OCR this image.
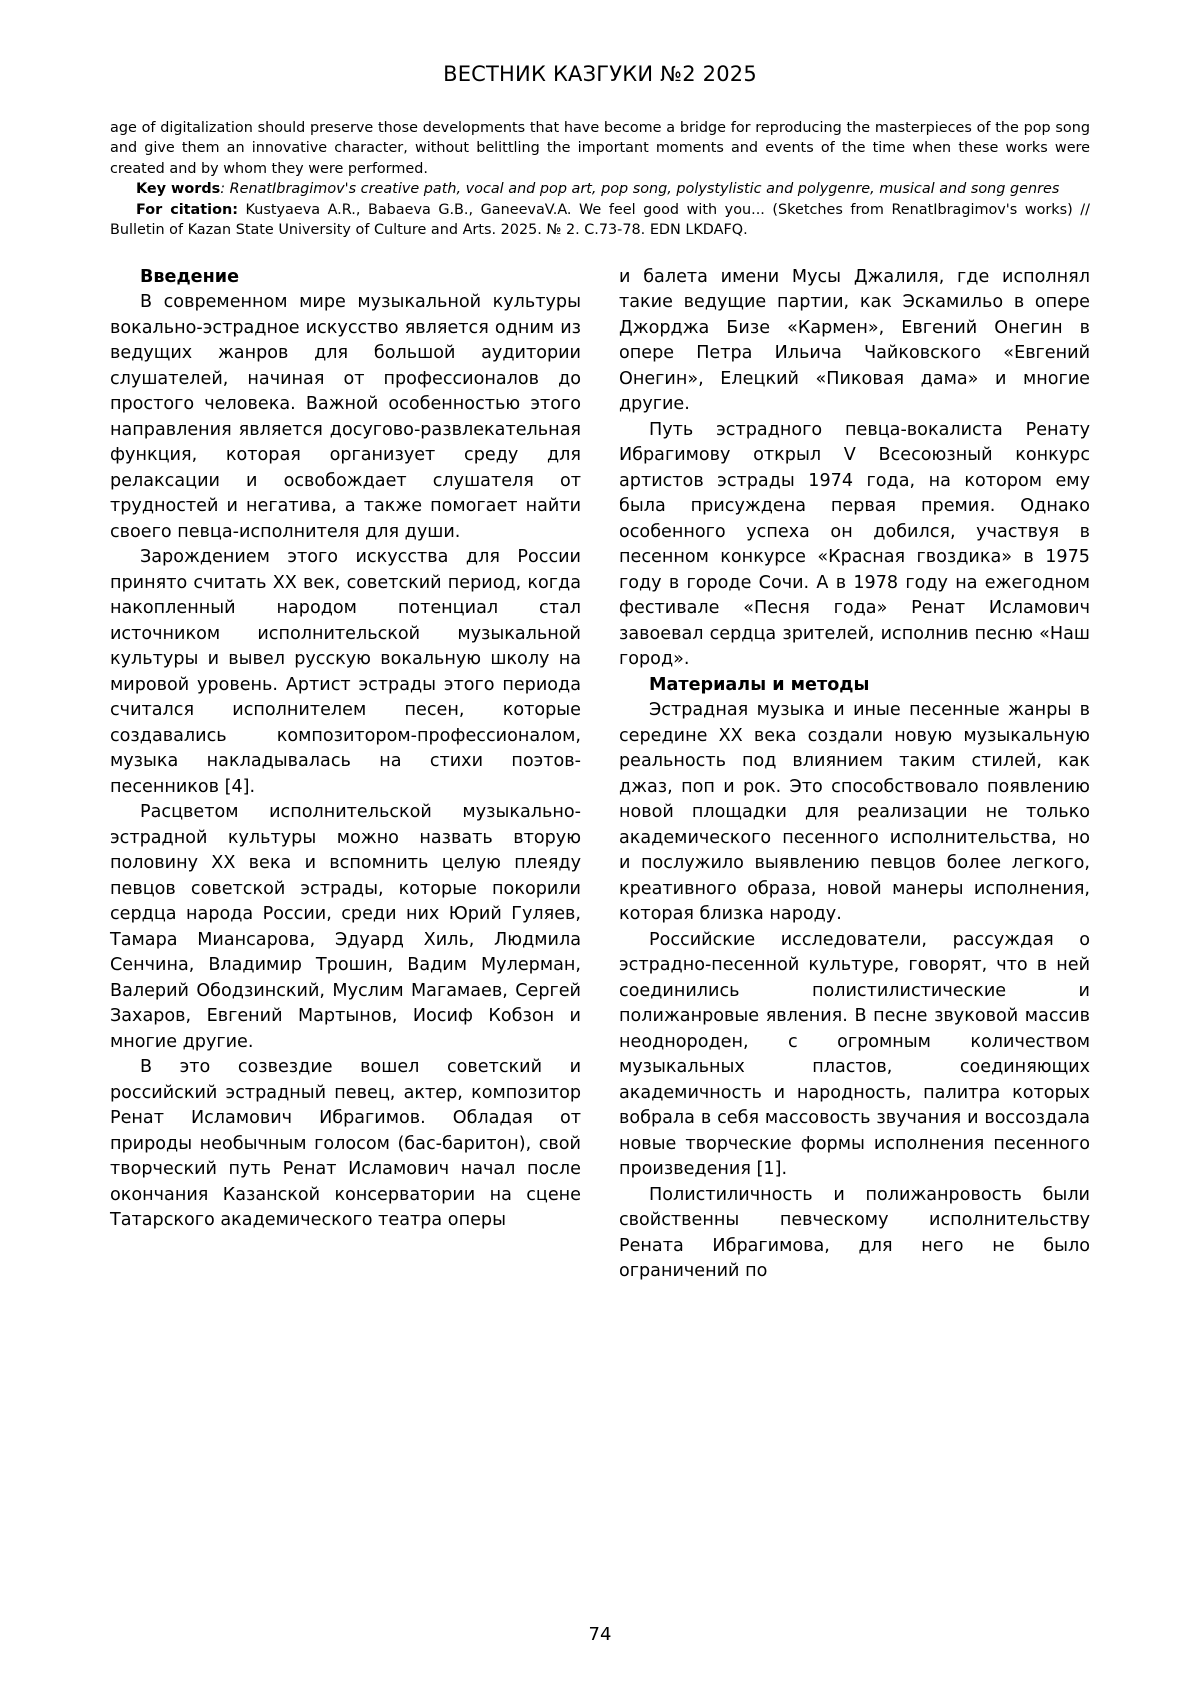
ВЕСТНИК КАЗГУКИ №2 2025

age of digitalization should preserve those developments that have become a bridge for reproducing the masterpieces of the pop song and give them an innovative character, without belittling the important moments and events of the time when these works were created and by whom they were performed.

Key words: RenatIbragimov's creative path, vocal and pop art, pop song, polystylistic and polygenre, musical and song genres

For citation: Kustyaeva A.R., Babaeva G.B., GaneevaV.A. We feel good with you... (Sketches from RenatIbragimov's works) // Bulletin of Kazan State University of Culture and Arts. 2025. № 2. C.73-78. EDN LKDAFQ.

Введение

В современном мире музыкальной культуры вокально-эстрадное искусство является одним из ведущих жанров для большой аудитории слушателей, начиная от профессионалов до простого человека. Важной особенностью этого направления является досугово-развлекательная функция, которая организует среду для релаксации и освобождает слушателя от трудностей и негатива, а также помогает найти своего певца-исполнителя для души.

Зарождением этого искусства для России принято считать XX век, советский период, когда накопленный народом потенциал стал источником исполнительской музыкальной культуры и вывел русскую вокальную школу на мировой уровень. Артист эстрады этого периода считался исполнителем песен, которые создавались композитором-профессионалом, музыка накладывалась на стихи поэтов-песенников [4].

Расцветом исполнительской музыкально-эстрадной культуры можно назвать вторую половину XX века и вспомнить целую плеяду певцов советской эстрады, которые покорили сердца народа России, среди них Юрий Гуляев, Тамара Миансарова, Эдуард Хиль, Людмила Сенчина, Владимир Трошин, Вадим Мулерман, Валерий Ободзинский, Муслим Магамаев, Сергей Захаров, Евгений Мартынов, Иосиф Кобзон и многие другие.

В это созвездие вошел советский и российский эстрадный певец, актер, композитор Ренат Исламович Ибрагимов. Обладая от природы необычным голосом (бас-баритон), свой творческий путь Ренат Исламович начал после окончания Казанской консерватории на сцене Татарского академического театра оперы

и балета имени Мусы Джалиля, где исполнял такие ведущие партии, как Эскамильо в опере Джорджа Бизе «Кармен», Евгений Онегин в опере Петра Ильича Чайковского «Евгений Онегин», Елецкий «Пиковая дама» и многие другие.

Путь эстрадного певца-вокалиста Ренату Ибрагимову открыл V Всесоюзный конкурс артистов эстрады 1974 года, на котором ему была присуждена первая премия. Однако особенного успеха он добился, участвуя в песенном конкурсе «Красная гвоздика» в 1975 году в городе Сочи. А в 1978 году на ежегодном фестивале «Песня года» Ренат Исламович завоевал сердца зрителей, исполнив песню «Наш город».

Материалы и методы

Эстрадная музыка и иные песенные жанры в середине XX века создали новую музыкальную реальность под влиянием таким стилей, как джаз, поп и рок. Это способствовало появлению новой площадки для реализации не только академического песенного исполнительства, но и послужило выявлению певцов более легкого, креативного образа, новой манеры исполнения, которая близка народу.

Российские исследователи, рассуждая о эстрадно-песенной культуре, говорят, что в ней соединились полистилистические и полижанровые явления. В песне звуковой массив неоднороден, с огромным количеством музыкальных пластов, соединяющих академичность и народность, палитра которых вобрала в себя массовость звучания и воссоздала новые творческие формы исполнения песенного произведения [1].

Полистиличность и полижанровость были свойственны певческому исполнительству Рената Ибрагимова, для него не было ограничений по

74
